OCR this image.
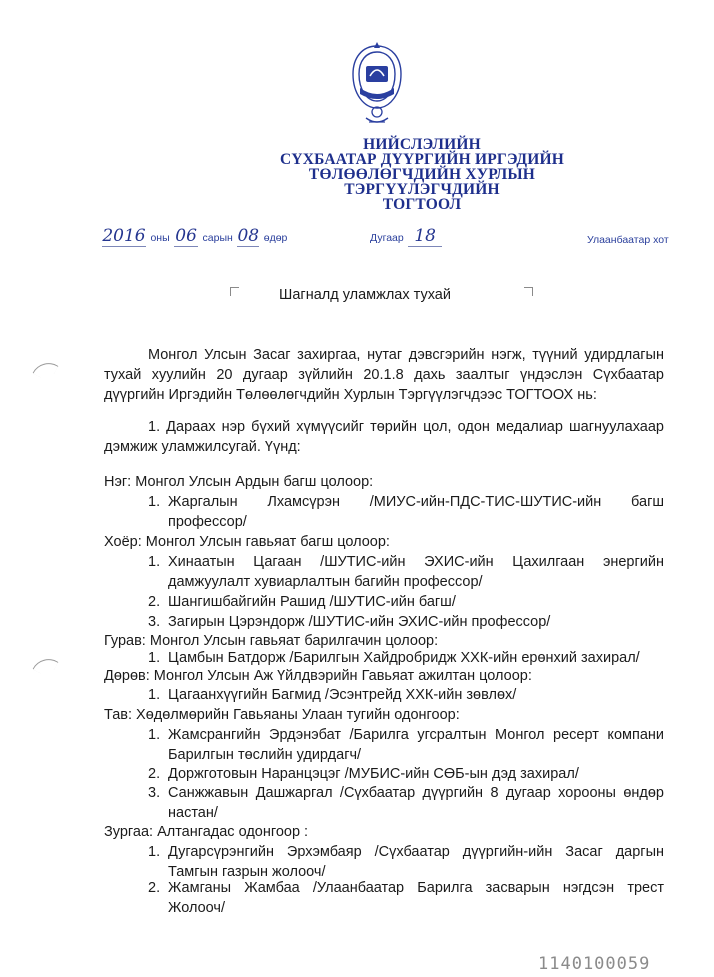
НИЙСЛЭЛИЙН
СҮХБААТАР ДҮҮРГИЙН ИРГЭДИЙН
ТӨЛӨӨЛӨГЧДИЙН ХУРЛЫН
ТЭРГҮҮЛЭГЧДИЙН
ТОГТООЛ
2016 оны 06 сарын 08 өдөр	Дугаар 18	Улаанбаатар хот
Шагналд уламжлах тухай
Монгол Улсын Засаг захиргаа, нутаг дэвсгэрийн нэгж, түүний удирдлагын
тухай хуулийн 20 дугаар зүйлийн 20.1.8 дахь заалтыг үндэслэн Сүхбаатар
дүүргийн Иргэдийн Төлөөлөгчдийн Хурлын Тэргүүлэгчдээс ТОГТООХ нь:
1. Дараах нэр бүхий хүмүүсийг төрийн цол, одон медалиар шагнуулахаар
дэмжиж уламжилсугай. Үүнд:
Нэг: Монгол Улсын Ардын багш цолоор:
1. Жаргалын Лхамсүрэн /МИУС-ийн-ПДС-ТИС-ШУТИС-ийн багш
профессор/
Хоёр: Монгол Улсын гавьяат багш цолоор:
1. Хинаатын Цагаан /ШУТИС-ийн ЭХИС-ийн Цахилгаан энергийн
дамжуулалт хувиарлалтын багийн профессор/
2. Шангишбайгийн Рашид /ШУТИС-ийн багш/
3. Загирын Цэрэндорж /ШУТИС-ийн ЭХИС-ийн профессор/
Гурав: Монгол Улсын гавьяат барилгачин цолоор:
1. Цамбын Батдорж /Барилгын Хайдробридж ХХК-ийн ерөнхий захирал/
Дөрөв: Монгол Улсын Аж Үйлдвэрийн Гавьяат ажилтан цолоор:
1. Цагаанхүүгийн Багмид /Эсэнтрейд ХХК-ийн зөвлөх/
Тав: Хөдөлмөрийн Гавьяаны Улаан тугийн одонгоор:
1. Жамсрангийн Эрдэнэбат /Барилга угсралтын Монгол ресерт компани
Барилгын төслийн удирдагч/
2. Доржготовын Наранцэцэг /МУБИС-ийн СӨБ-ын дэд захирал/
3. Санжжавын Дашжаргал /Сүхбаатар дүүргийн 8 дугаар хорооны өндөр
настан/
Зургаа: Алтангадас одонгоор :
1. Дугарсүрэнгийн Эрхэмбаяр /Сүхбаатар дүүргийн-ийн Засаг даргын
Тамгын газрын жолооч/
2. Жамганы Жамбаа /Улаанбаатар Барилга засварын нэгдсэн трест
Жолооч/
1140100059
